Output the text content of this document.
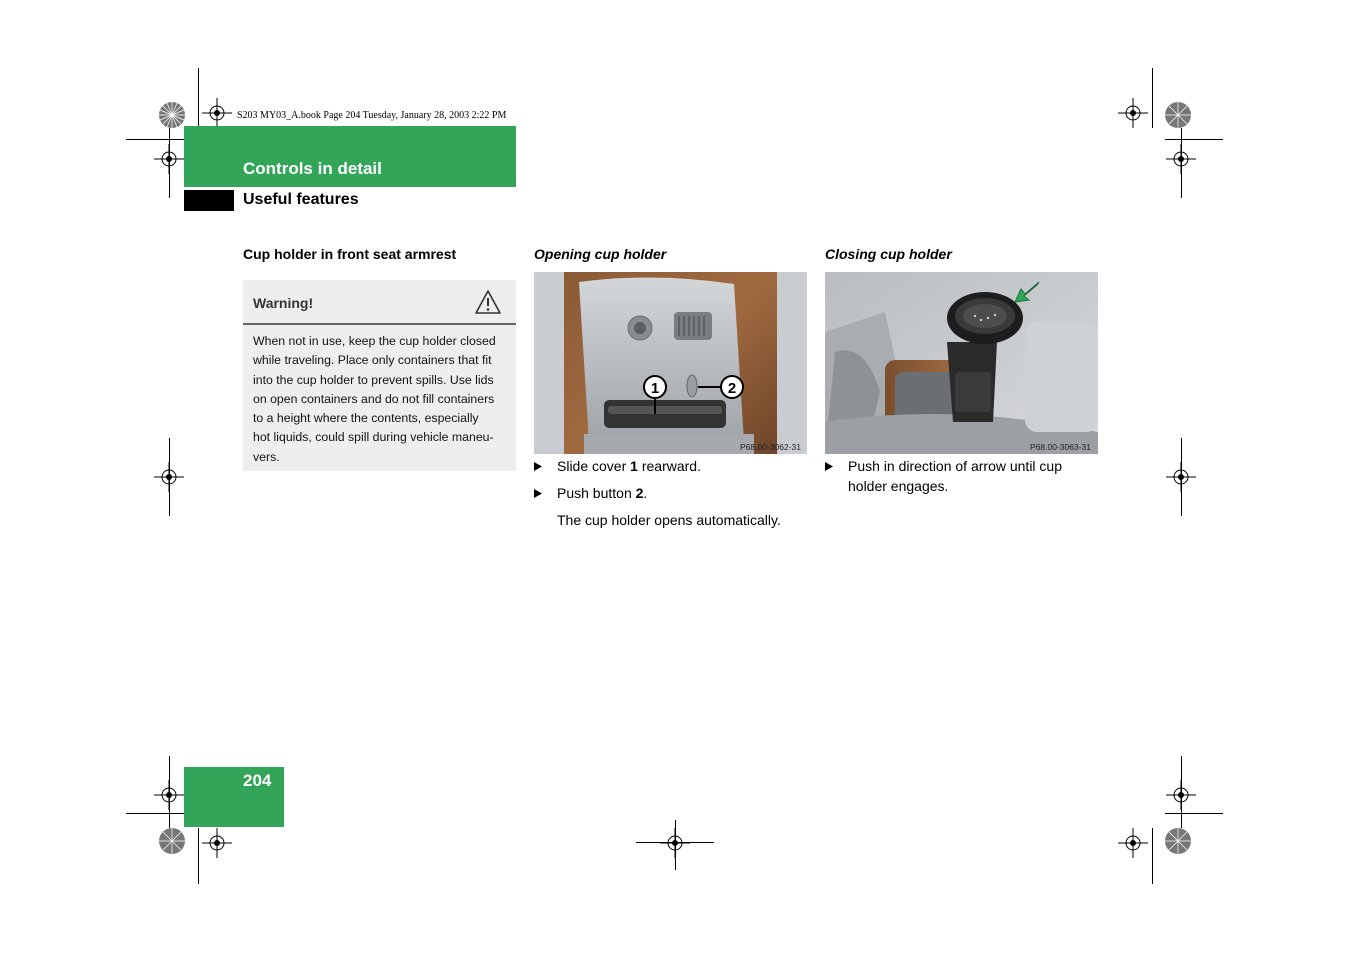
S203 MY03_A.book Page 204 Tuesday, January 28, 2003 2:22 PM
Controls in detail
Useful features
Cup holder in front seat armrest
Warning!
When not in use, keep the cup holder closed
while traveling. Place only containers that fit
into the cup holder to prevent spills. Use lids
on open containers and do not fill containers
to a height where the contents, especially
hot liquids, could spill during vehicle maneu-
vers.
Opening cup holder
1	2
P68.00-3062-31
Slide cover 1 rearward.
Push button 2.
The cup holder opens automatically.
Closing cup holder
P68.00-3063-31
Push in direction of arrow until cup
holder engages.
204
